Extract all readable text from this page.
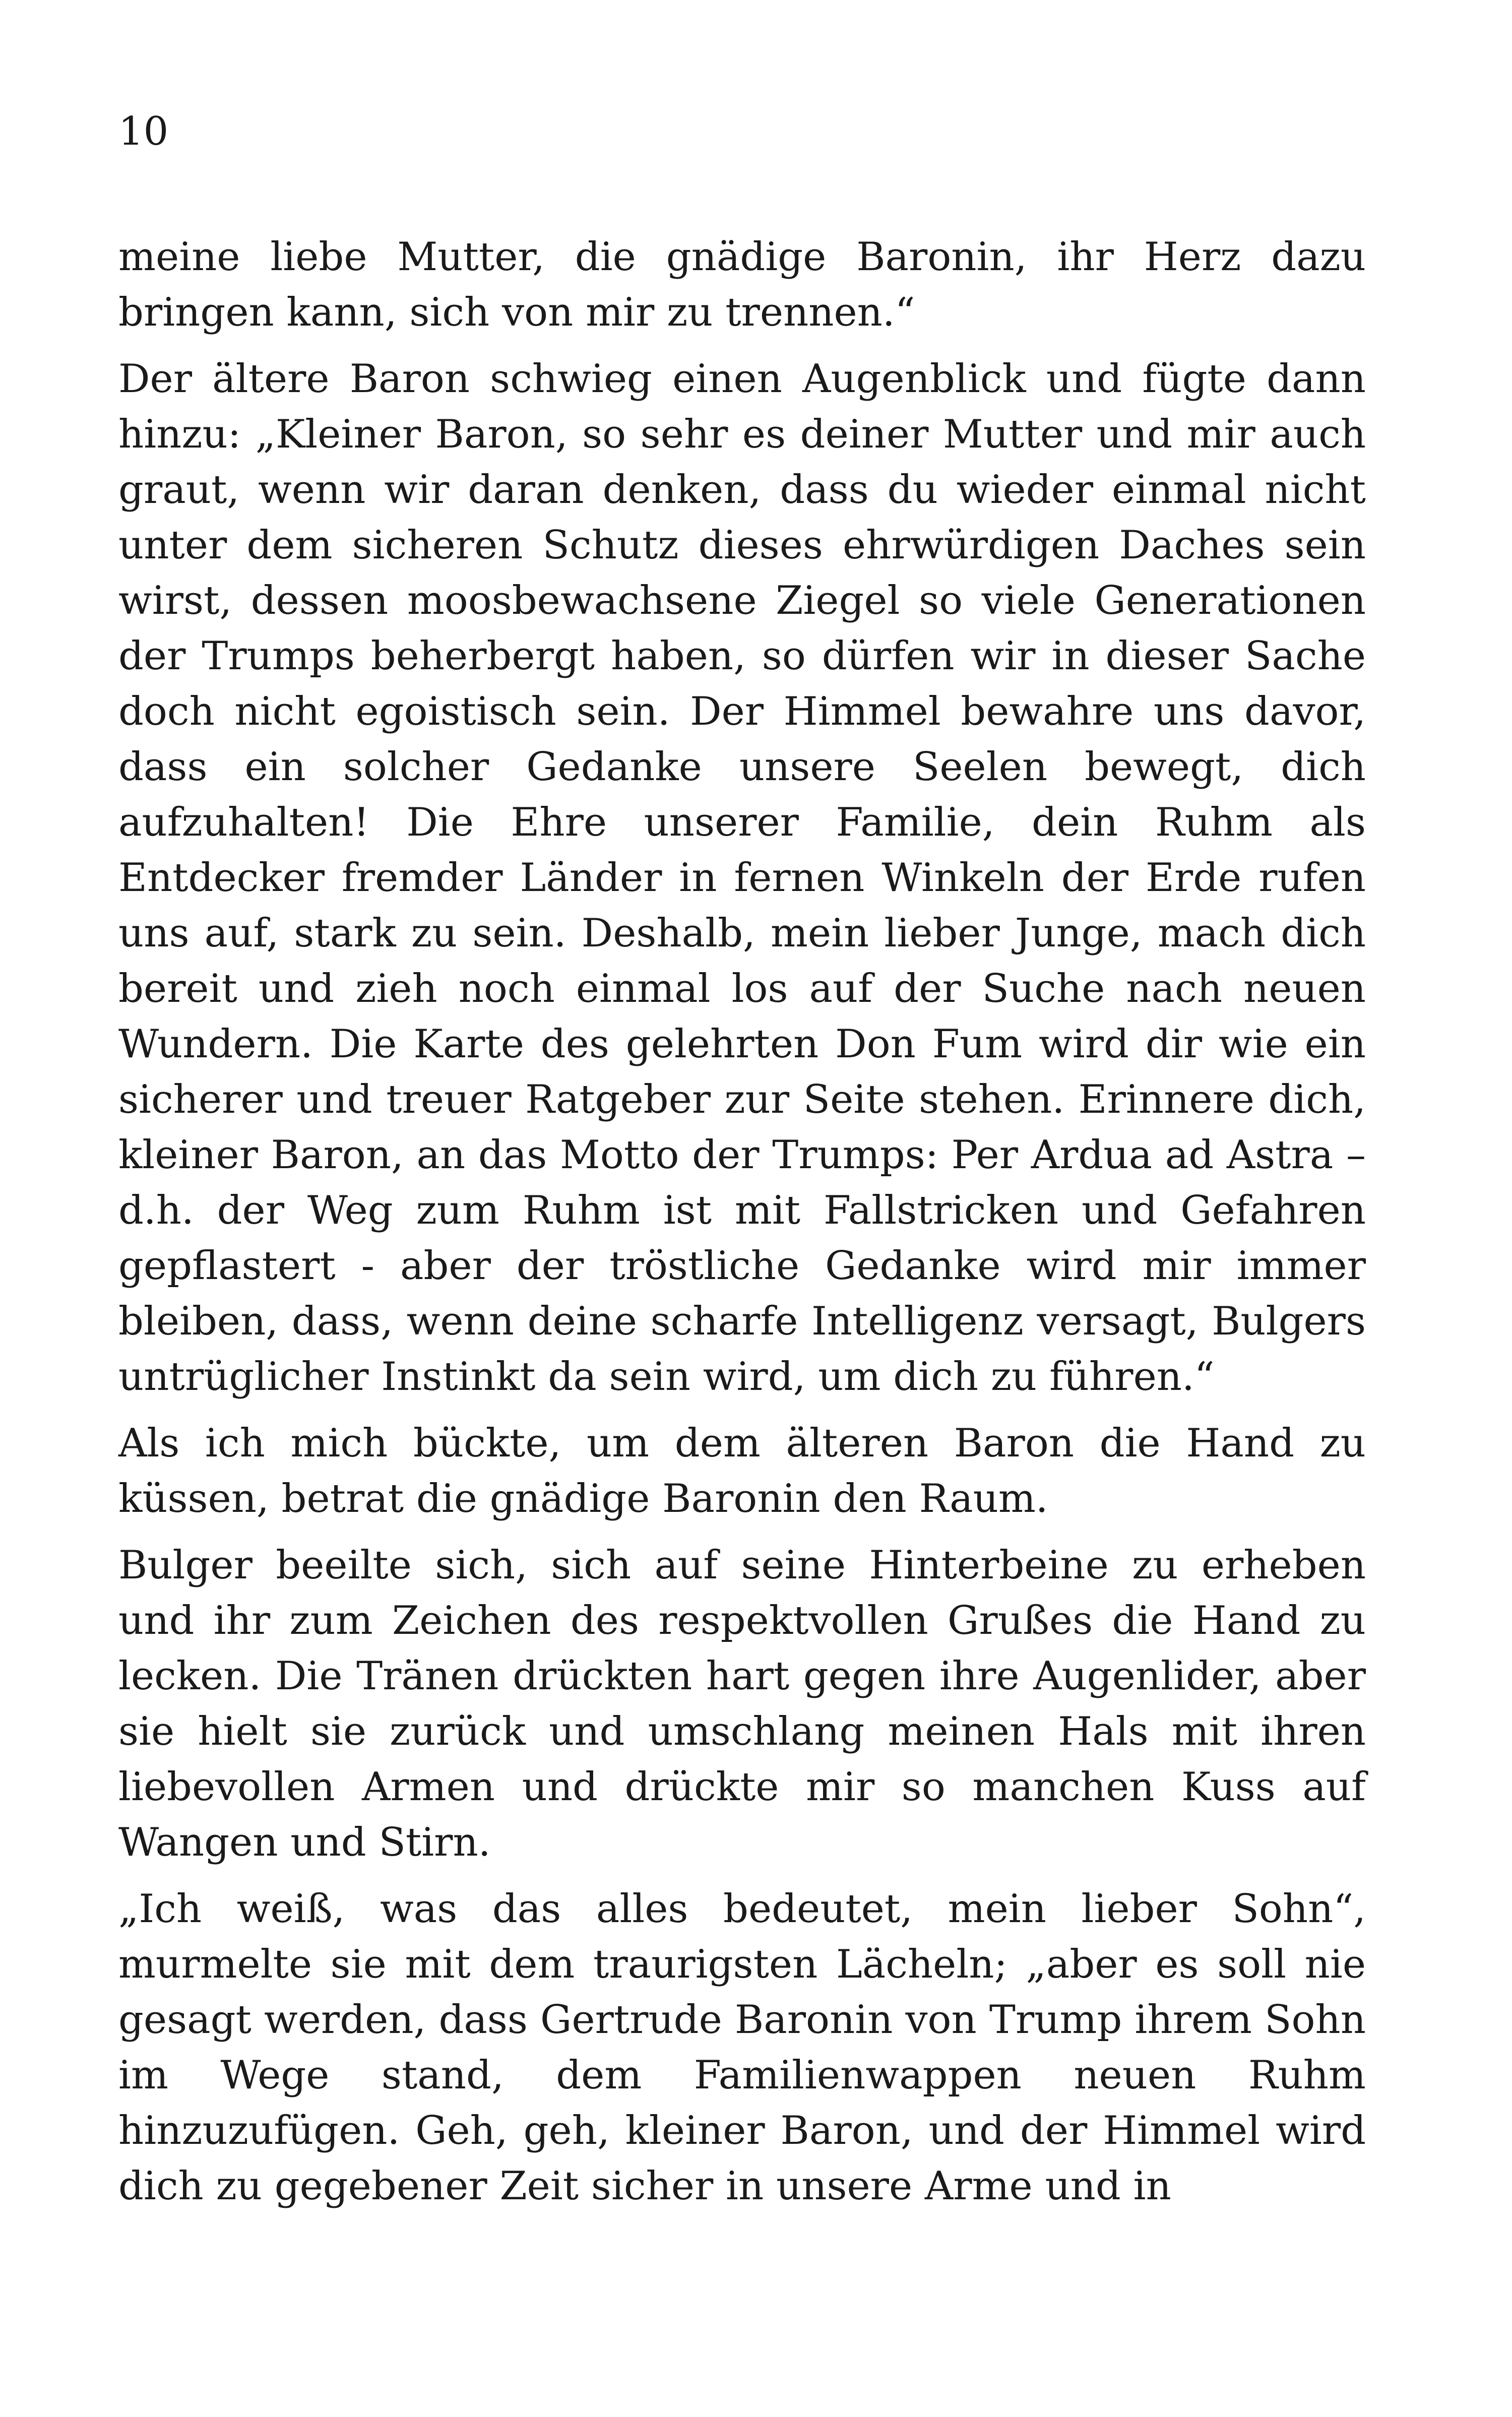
10

meine liebe Mutter, die gnädige Baronin, ihr Herz dazu bringen kann, sich von mir zu trennen.“

Der ältere Baron schwieg einen Augenblick und fügte dann hinzu: „Kleiner Baron, so sehr es deiner Mutter und mir auch graut, wenn wir daran denken, dass du wieder einmal nicht unter dem sicheren Schutz dieses ehrwürdigen Daches sein wirst, dessen moosbewachsene Ziegel so viele Generationen der Trumps beherbergt haben, so dürfen wir in dieser Sache doch nicht egoistisch sein. Der Himmel bewahre uns davor, dass ein solcher Gedanke unsere Seelen bewegt, dich aufzuhalten! Die Ehre unserer Familie, dein Ruhm als Entdecker fremder Länder in fernen Winkeln der Erde rufen uns auf, stark zu sein. Deshalb, mein lieber Junge, mach dich bereit und zieh noch einmal los auf der Suche nach neuen Wundern. Die Karte des gelehrten Don Fum wird dir wie ein sicherer und treuer Ratgeber zur Seite stehen. Erinnere dich, kleiner Baron, an das Motto der Trumps: Per Ardua ad Astra – d.h. der Weg zum Ruhm ist mit Fallstricken und Gefahren gepflastert - aber der tröstliche Gedanke wird mir immer bleiben, dass, wenn deine scharfe Intelligenz versagt, Bulgers untrüglicher Instinkt da sein wird, um dich zu führen.“

Als ich mich bückte, um dem älteren Baron die Hand zu küssen, betrat die gnädige Baronin den Raum.

Bulger beeilte sich, sich auf seine Hinterbeine zu erheben und ihr zum Zeichen des respektvollen Grußes die Hand zu lecken. Die Tränen drückten hart gegen ihre Augenlider, aber sie hielt sie zurück und umschlang meinen Hals mit ihren liebevollen Armen und drückte mir so manchen Kuss auf Wangen und Stirn.

„Ich weiß, was das alles bedeutet, mein lieber Sohn“, murmelte sie mit dem traurigsten Lächeln; „aber es soll nie gesagt werden, dass Gertrude Baronin von Trump ihrem Sohn im Wege stand, dem Familienwappen neuen Ruhm hinzuzufügen. Geh, geh, kleiner Baron, und der Himmel wird dich zu gegebener Zeit sicher in unsere Arme und in
